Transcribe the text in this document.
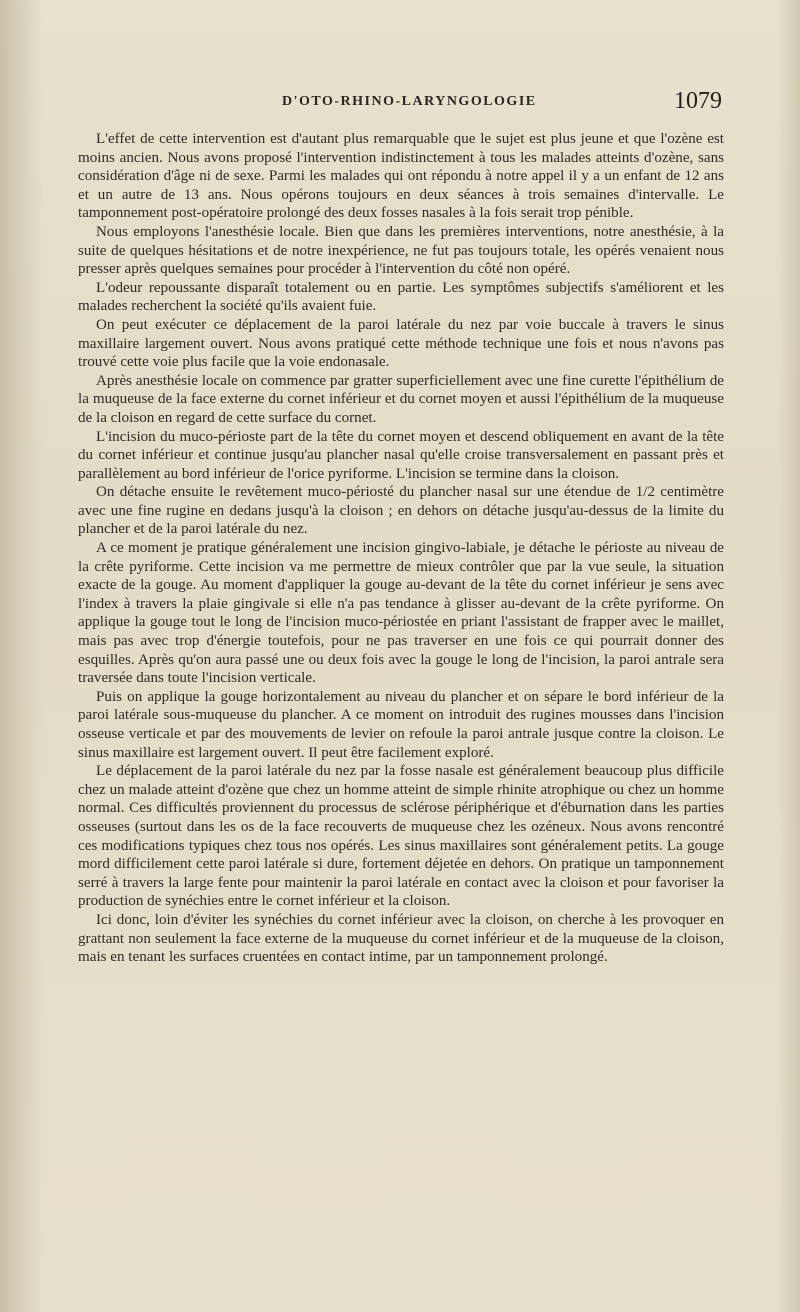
D'OTO-RHINO-LARYNGOLOGIE	1079

L'effet de cette intervention est d'autant plus remarquable que le sujet est plus jeune et que l'ozène est moins ancien. Nous avons proposé l'intervention indistinctement à tous les malades atteints d'ozène, sans considération d'âge ni de sexe. Parmi les malades qui ont répondu à notre appel il y a un enfant de 12 ans et un autre de 13 ans. Nous opérons toujours en deux séances à trois semaines d'intervalle. Le tamponnement post-opératoire prolongé des deux fosses nasales à la fois serait trop pénible.

Nous employons l'anesthésie locale. Bien que dans les premières interventions, notre anesthésie, à la suite de quelques hésitations et de notre inexpérience, ne fut pas toujours totale, les opérés venaient nous presser après quelques semaines pour procéder à l'intervention du côté non opéré.

L'odeur repoussante disparaît totalement ou en partie. Les symptômes subjectifs s'améliorent et les malades recherchent la société qu'ils avaient fuie.

On peut exécuter ce déplacement de la paroi latérale du nez par voie buccale à travers le sinus maxillaire largement ouvert. Nous avons pratiqué cette méthode technique une fois et nous n'avons pas trouvé cette voie plus facile que la voie endonasale.

Après anesthésie locale on commence par gratter superficiellement avec une fine curette l'épithélium de la muqueuse de la face externe du cornet inférieur et du cornet moyen et aussi l'épithélium de la muqueuse de la cloison en regard de cette surface du cornet.

L'incision du muco-périoste part de la tête du cornet moyen et descend obliquement en avant de la tête du cornet inférieur et continue jusqu'au plancher nasal qu'elle croise transversalement en passant près et parallèlement au bord inférieur de l'orice pyriforme. L'incision se termine dans la cloison.

On détache ensuite le revêtement muco-périosté du plancher nasal sur une étendue de 1/2 centimètre avec une fine rugine en dedans jusqu'à la cloison ; en dehors on détache jusqu'au-dessus de la limite du plancher et de la paroi latérale du nez.

A ce moment je pratique généralement une incision gingivo-labiale, je détache le périoste au niveau de la crête pyriforme. Cette incision va me permettre de mieux contrôler que par la vue seule, la situation exacte de la gouge. Au moment d'appliquer la gouge au-devant de la tête du cornet inférieur je sens avec l'index à travers la plaie gingivale si elle n'a pas tendance à glisser au-devant de la crête pyriforme. On applique la gouge tout le long de l'incision muco-périostée en priant l'assistant de frapper avec le maillet, mais pas avec trop d'énergie toutefois, pour ne pas traverser en une fois ce qui pourrait donner des esquilles. Après qu'on aura passé une ou deux fois avec la gouge le long de l'incision, la paroi antrale sera traversée dans toute l'incision verticale.

Puis on applique la gouge horizontalement au niveau du plancher et on sépare le bord inférieur de la paroi latérale sous-muqueuse du plancher. A ce moment on introduit des rugines mousses dans l'incision osseuse verticale et par des mouvements de levier on refoule la paroi antrale jusque contre la cloison. Le sinus maxillaire est largement ouvert. Il peut être facilement exploré.

Le déplacement de la paroi latérale du nez par la fosse nasale est généralement beaucoup plus difficile chez un malade atteint d'ozène que chez un homme atteint de simple rhinite atrophique ou chez un homme normal. Ces difficultés proviennent du processus de sclérose périphérique et d'éburnation dans les parties osseuses (surtout dans les os de la face recouverts de muqueuse chez les ozéneux. Nous avons rencontré ces modifications typiques chez tous nos opérés. Les sinus maxillaires sont généralement petits. La gouge mord difficilement cette paroi latérale si dure, fortement déjetée en dehors. On pratique un tamponnement serré à travers la large fente pour maintenir la paroi latérale en contact avec la cloison et pour favoriser la production de synéchies entre le cornet inférieur et la cloison.

Ici donc, loin d'éviter les synéchies du cornet inférieur avec la cloison, on cherche à les provoquer en grattant non seulement la face externe de la muqueuse du cornet inférieur et de la muqueuse de la cloison, mais en tenant les surfaces cruentées en contact intime, par un tamponnement prolongé.
